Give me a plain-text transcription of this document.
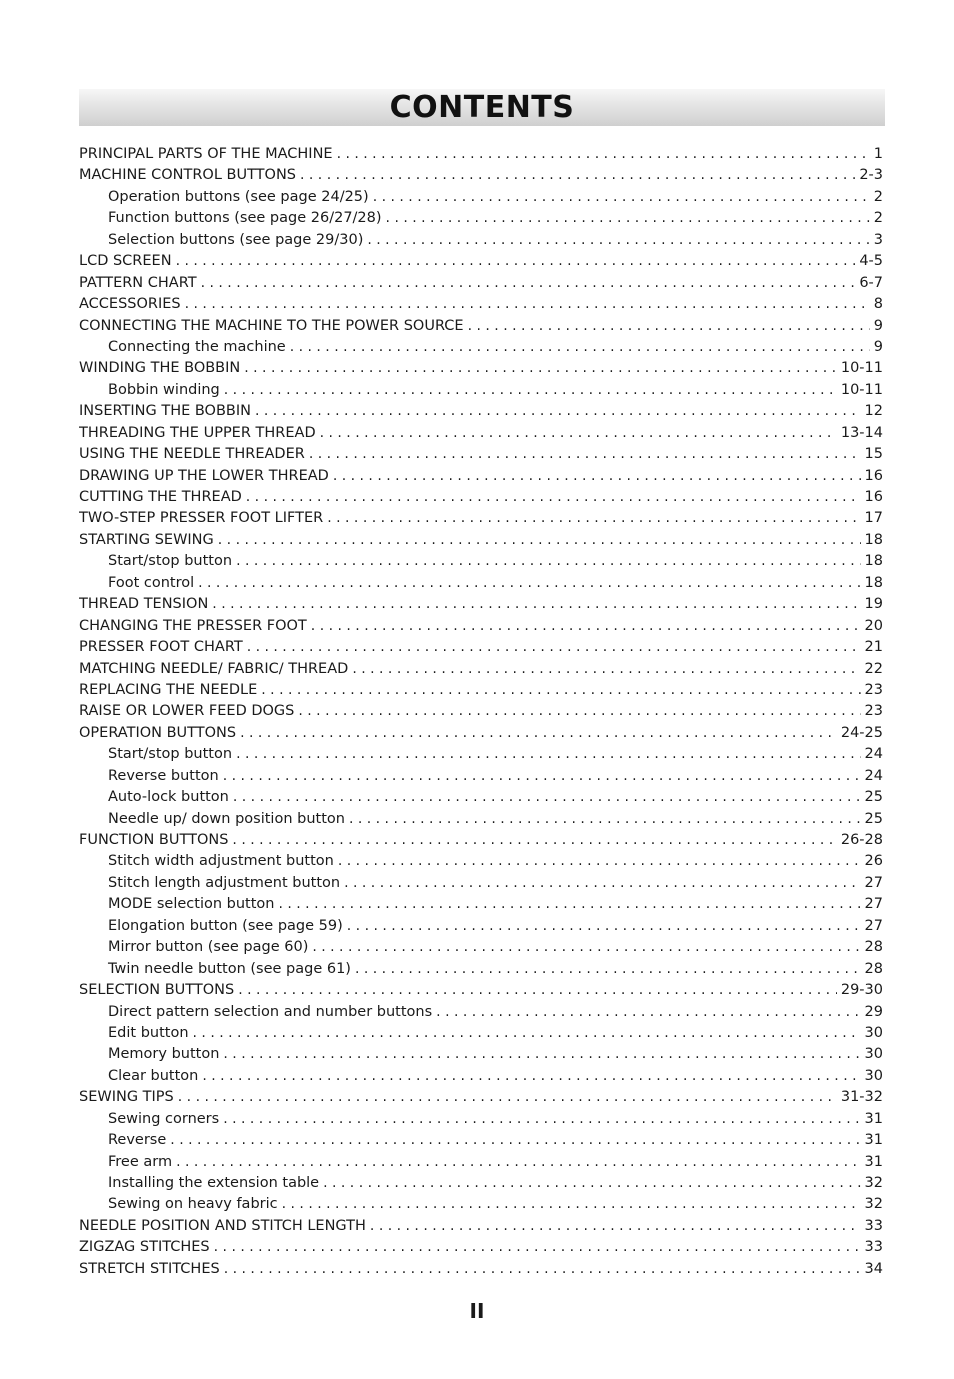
CONTENTS
PRINCIPAL PARTS OF THE MACHINE . . .	1
MACHINE CONTROL BUTTONS . . .	2-3
Operation buttons (see page 24/25) . . .	2
Function buttons (see page 26/27/28) . . .	2
Selection buttons (see page 29/30) . . .	3
LCD SCREEN . . .	4-5
PATTERN CHART . . .	6-7
ACCESSORIES . . .	8
CONNECTING THE MACHINE TO THE POWER SOURCE . . .	9
Connecting the machine . . .	9
WINDING THE BOBBIN . . .	10-11
Bobbin winding . . .	10-11
INSERTING THE BOBBIN . . .	12
THREADING THE UPPER THREAD . . .	13-14
USING THE NEEDLE THREADER . . .	15
DRAWING UP THE LOWER THREAD . . .	16
CUTTING THE THREAD . . .	16
TWO-STEP PRESSER FOOT LIFTER . . .	17
STARTING SEWING . . .	18
Start/stop button . . .	18
Foot control . . .	18
THREAD TENSION . . .	19
CHANGING THE PRESSER FOOT . . .	20
PRESSER FOOT CHART . . .	21
MATCHING NEEDLE/ FABRIC/ THREAD . . .	22
REPLACING THE NEEDLE . . .	23
RAISE OR LOWER FEED DOGS . . .	23
OPERATION BUTTONS . . .	24-25
Start/stop button . . .	24
Reverse button . . .	24
Auto-lock button . . .	25
Needle up/ down position button . . .	25
FUNCTION BUTTONS . . .	26-28
Stitch width adjustment button . . .	26
Stitch length adjustment button . . .	27
MODE selection button . . .	27
Elongation button (see page 59) . . .	27
Mirror button (see page 60) . . .	28
Twin needle button (see page 61) . . .	28
SELECTION BUTTONS . . .	29-30
Direct pattern selection and number buttons . . .	29
Edit button . . .	30
Memory button . . .	30
Clear button . . .	30
SEWING TIPS . . .	31-32
Sewing corners . . .	31
Reverse . . .	31
Free arm . . .	31
Installing the extension table . . .	32
Sewing on heavy fabric . . .	32
NEEDLE POSITION AND STITCH LENGTH . . .	33
ZIGZAG STITCHES . . .	33
STRETCH STITCHES . . .	34
II
